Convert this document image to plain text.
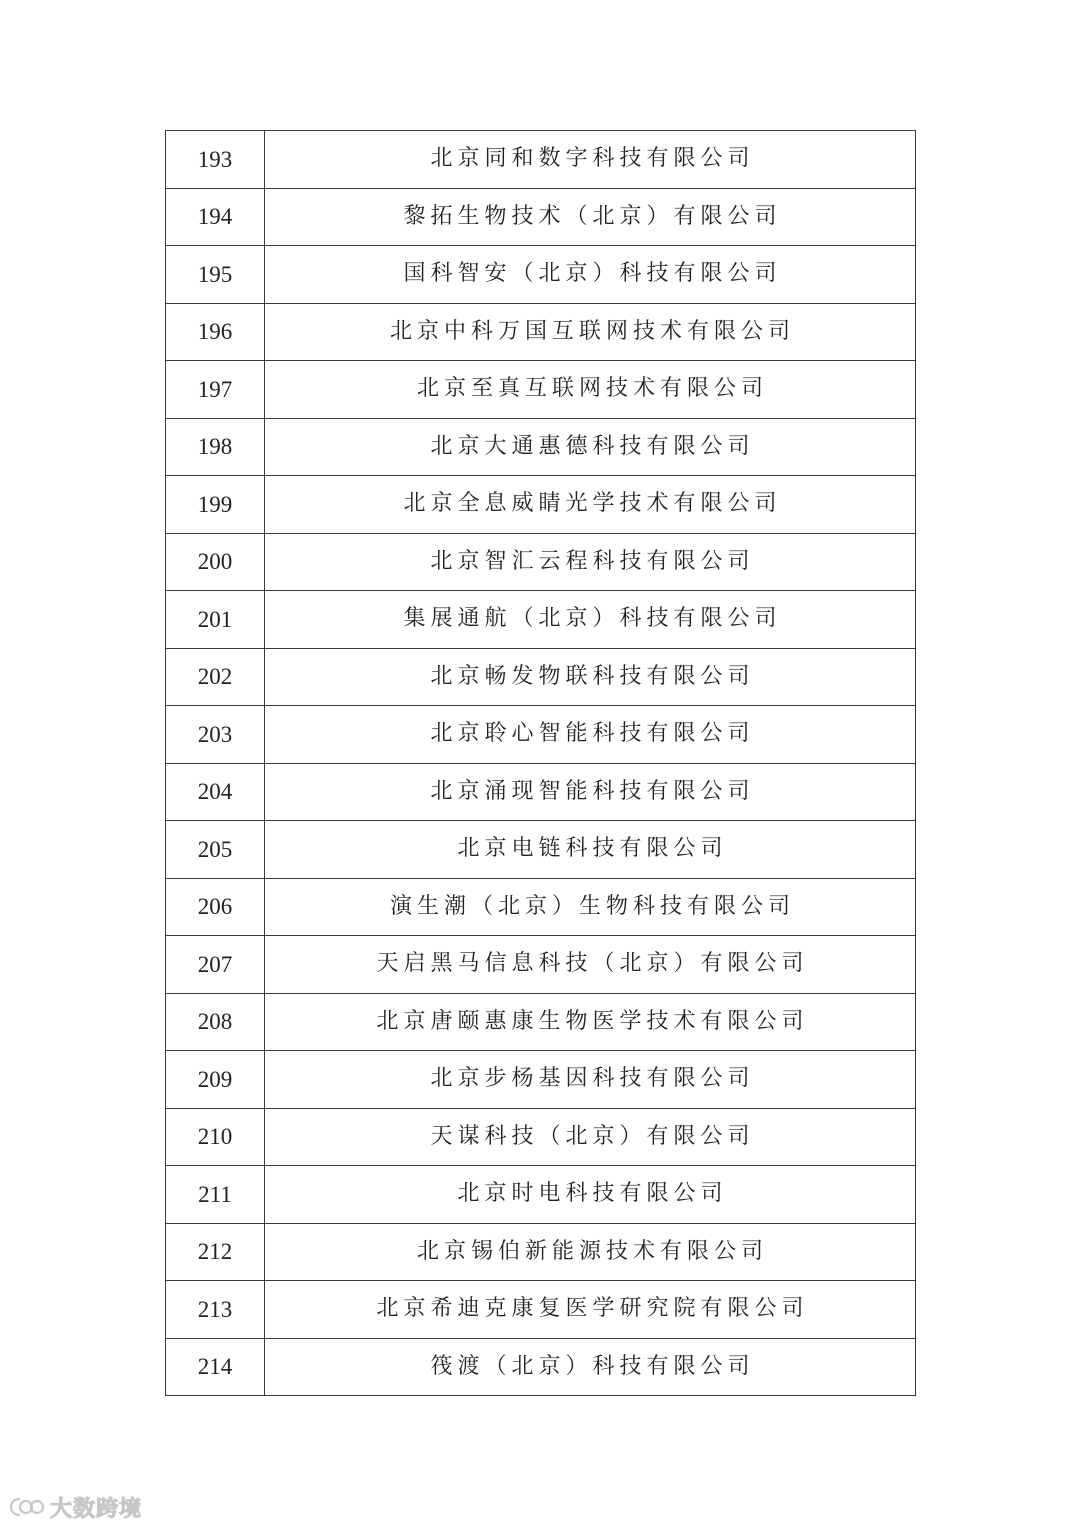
193	北京同和数字科技有限公司
194	黎拓生物技术（北京）有限公司
195	国科智安（北京）科技有限公司
196	北京中科万国互联网技术有限公司
197	北京至真互联网技术有限公司
198	北京大通惠德科技有限公司
199	北京全息威睛光学技术有限公司
200	北京智汇云程科技有限公司
201	集展通航（北京）科技有限公司
202	北京畅发物联科技有限公司
203	北京聆心智能科技有限公司
204	北京涌现智能科技有限公司
205	北京电链科技有限公司
206	演生潮（北京）生物科技有限公司
207	天启黑马信息科技（北京）有限公司
208	北京唐颐惠康生物医学技术有限公司
209	北京步杨基因科技有限公司
210	天谋科技（北京）有限公司
211	北京时电科技有限公司
212	北京锡伯新能源技术有限公司
213	北京希迪克康复医学研究院有限公司
214	筏渡（北京）科技有限公司
大数跨境
